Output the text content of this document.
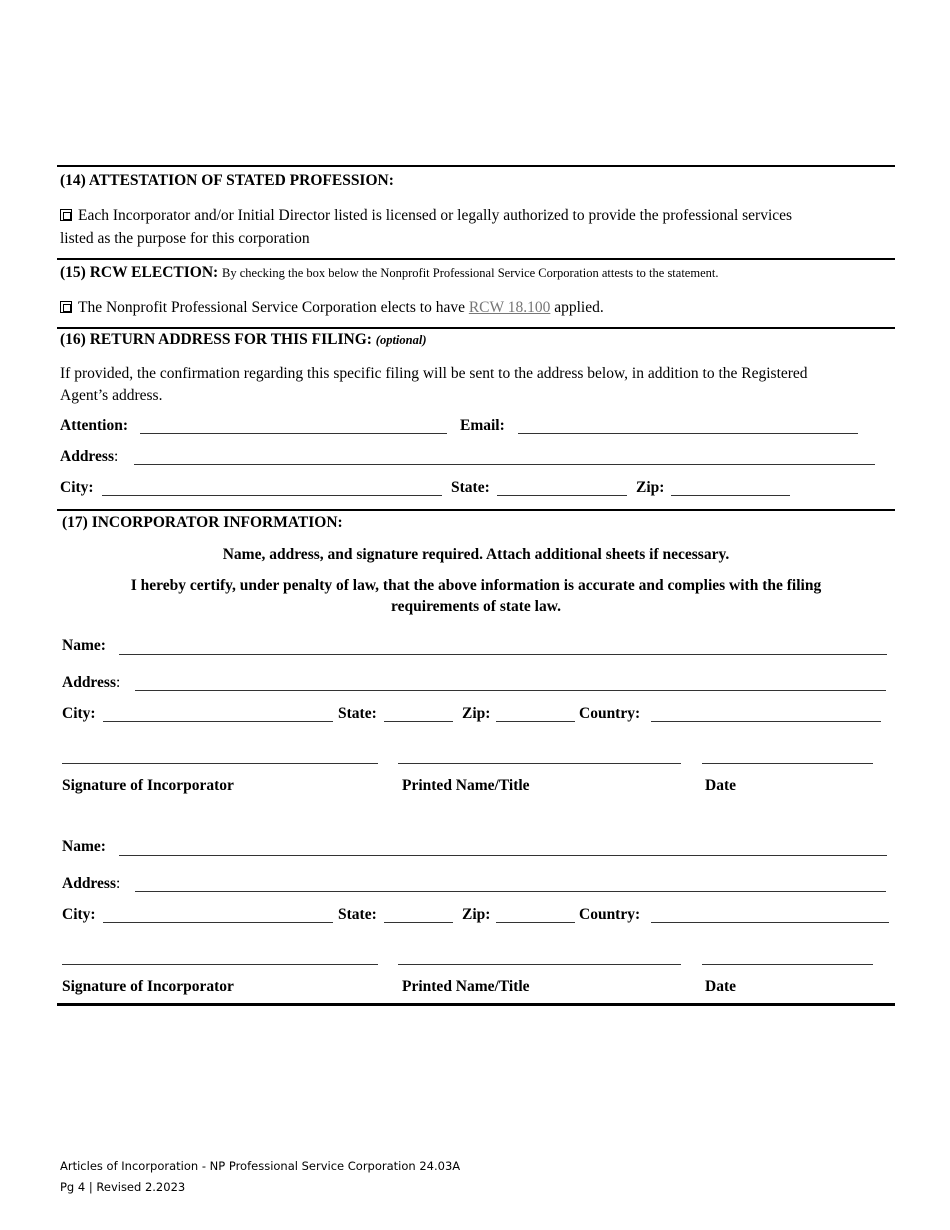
(14) ATTESTATION OF STATED PROFESSION:
Each Incorporator and/or Initial Director listed is licensed or legally authorized to provide the professional services
listed as the purpose for this corporation
(15) RCW ELECTION: By checking the box below the Nonprofit Professional Service Corporation attests to the statement.
The Nonprofit Professional Service Corporation elects to have RCW 18.100 applied.
(16) RETURN ADDRESS FOR THIS FILING: (optional)
If provided, the confirmation regarding this specific filing will be sent to the address below, in addition to the Registered
Agent’s address.
Attention:	Email:
Address:
City:	State:	Zip:
(17) INCORPORATOR INFORMATION:
Name, address, and signature required. Attach additional sheets if necessary.
I hereby certify, under penalty of law, that the above information is accurate and complies with the filing
requirements of state law.
Name:
Address:
City:	State:	Zip:	Country:
Signature of Incorporator	Printed Name/Title	Date
Name:
Address:
City:	State:	Zip:	Country:
Signature of Incorporator	Printed Name/Title	Date
Articles of Incorporation - NP Professional Service Corporation 24.03A
Pg 4 | Revised 2.2023
